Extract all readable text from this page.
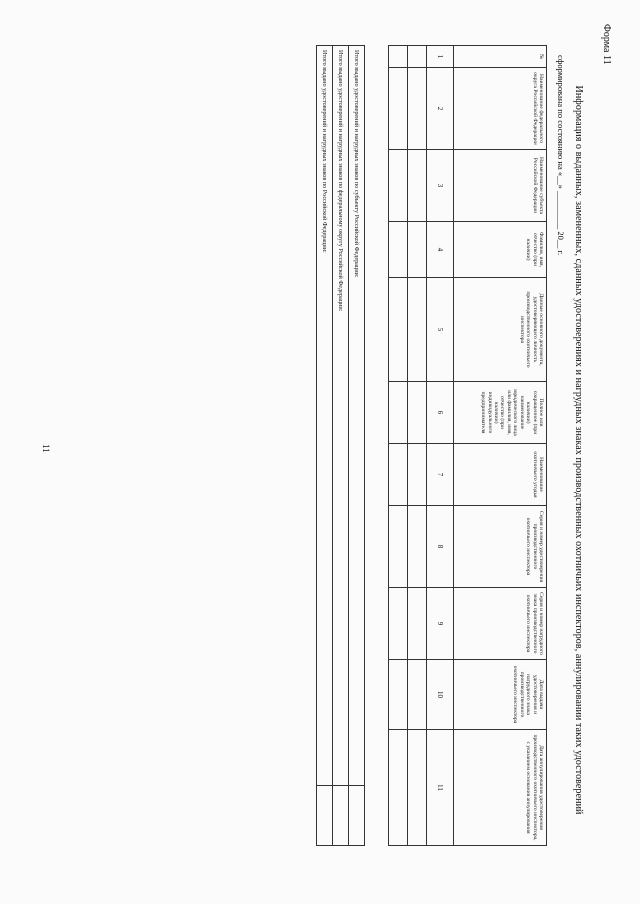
Форма 11
11	Информация о выданных, замененных, сданных удостоверениях и нагрудных знаках производственных охотничьих инспекторов, аннулировании таких удостоверений
сформирована по состоянию на «__» _________ 20__ г.
№	Наименование федерального округа Российской Федерации	Наименование субъекта Российской Федерации	Фамилия, имя, отчество (при наличии)	Данные основного документа, удостоверяющего личность производственного охотничьего инспектора	Полное или сокращенное (при наличии) наименование юридического лица или фамилия, имя, отчество (при наличии) индивидуального предпринимателя	Наименование охотничьего угодья	Серия и номер удостоверения производственного охотничьего инспектора	Серия и номер нагрудного знака производственного охотничьего инспектора	Дата выдачи удостоверения и нагрудного знака производственного охотничьего инспектора	Дата аннулирования удостоверения производственного охотничьего инспектора, с указанием основания аннулирования
1	2	3	4	5	6	7	8	9	10	11

Итого выдано удостоверений и нагрудных знаков по субъекту Российской Федерации:	
Итого выдано удостоверений и нагрудных знаков по федеральному округу Российской Федерации:	
Итого выдано удостоверений и нагрудных знаков по Российской Федерации:	
